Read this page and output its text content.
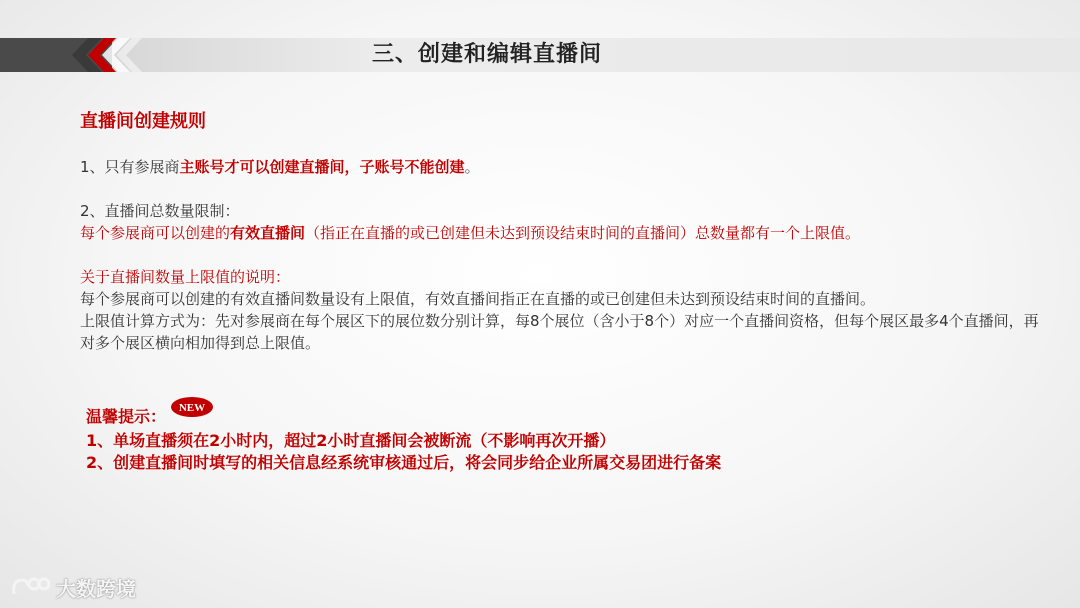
三、创建和编辑直播间
直播间创建规则

1、只有参展商主账号才可以创建直播间，子账号不能创建。

2、直播间总数量限制：

每个参展商可以创建的有效直播间（指正在直播的或已创建但未达到预设结束时间的直播间）总数量都有一个上限值。

关于直播间数量上限值的说明：

每个参展商可以创建的有效直播间数量设有上限值，有效直播间指正在直播的或已创建但未达到预设结束时间的直播间。

上限值计算方式为：先对参展商在每个展区下的展位数分别计算，每8个展位（含小于8个）对应一个直播间资格，但每个展区最多4个直播间，再对多个展区横向相加得到总上限值。

温馨提示： NEW

1、单场直播须在2小时内，超过2小时直播间会被断流（不影响再次开播）

2、创建直播间时填写的相关信息经系统审核通过后，将会同步给企业所属交易团进行备案

大数跨境
